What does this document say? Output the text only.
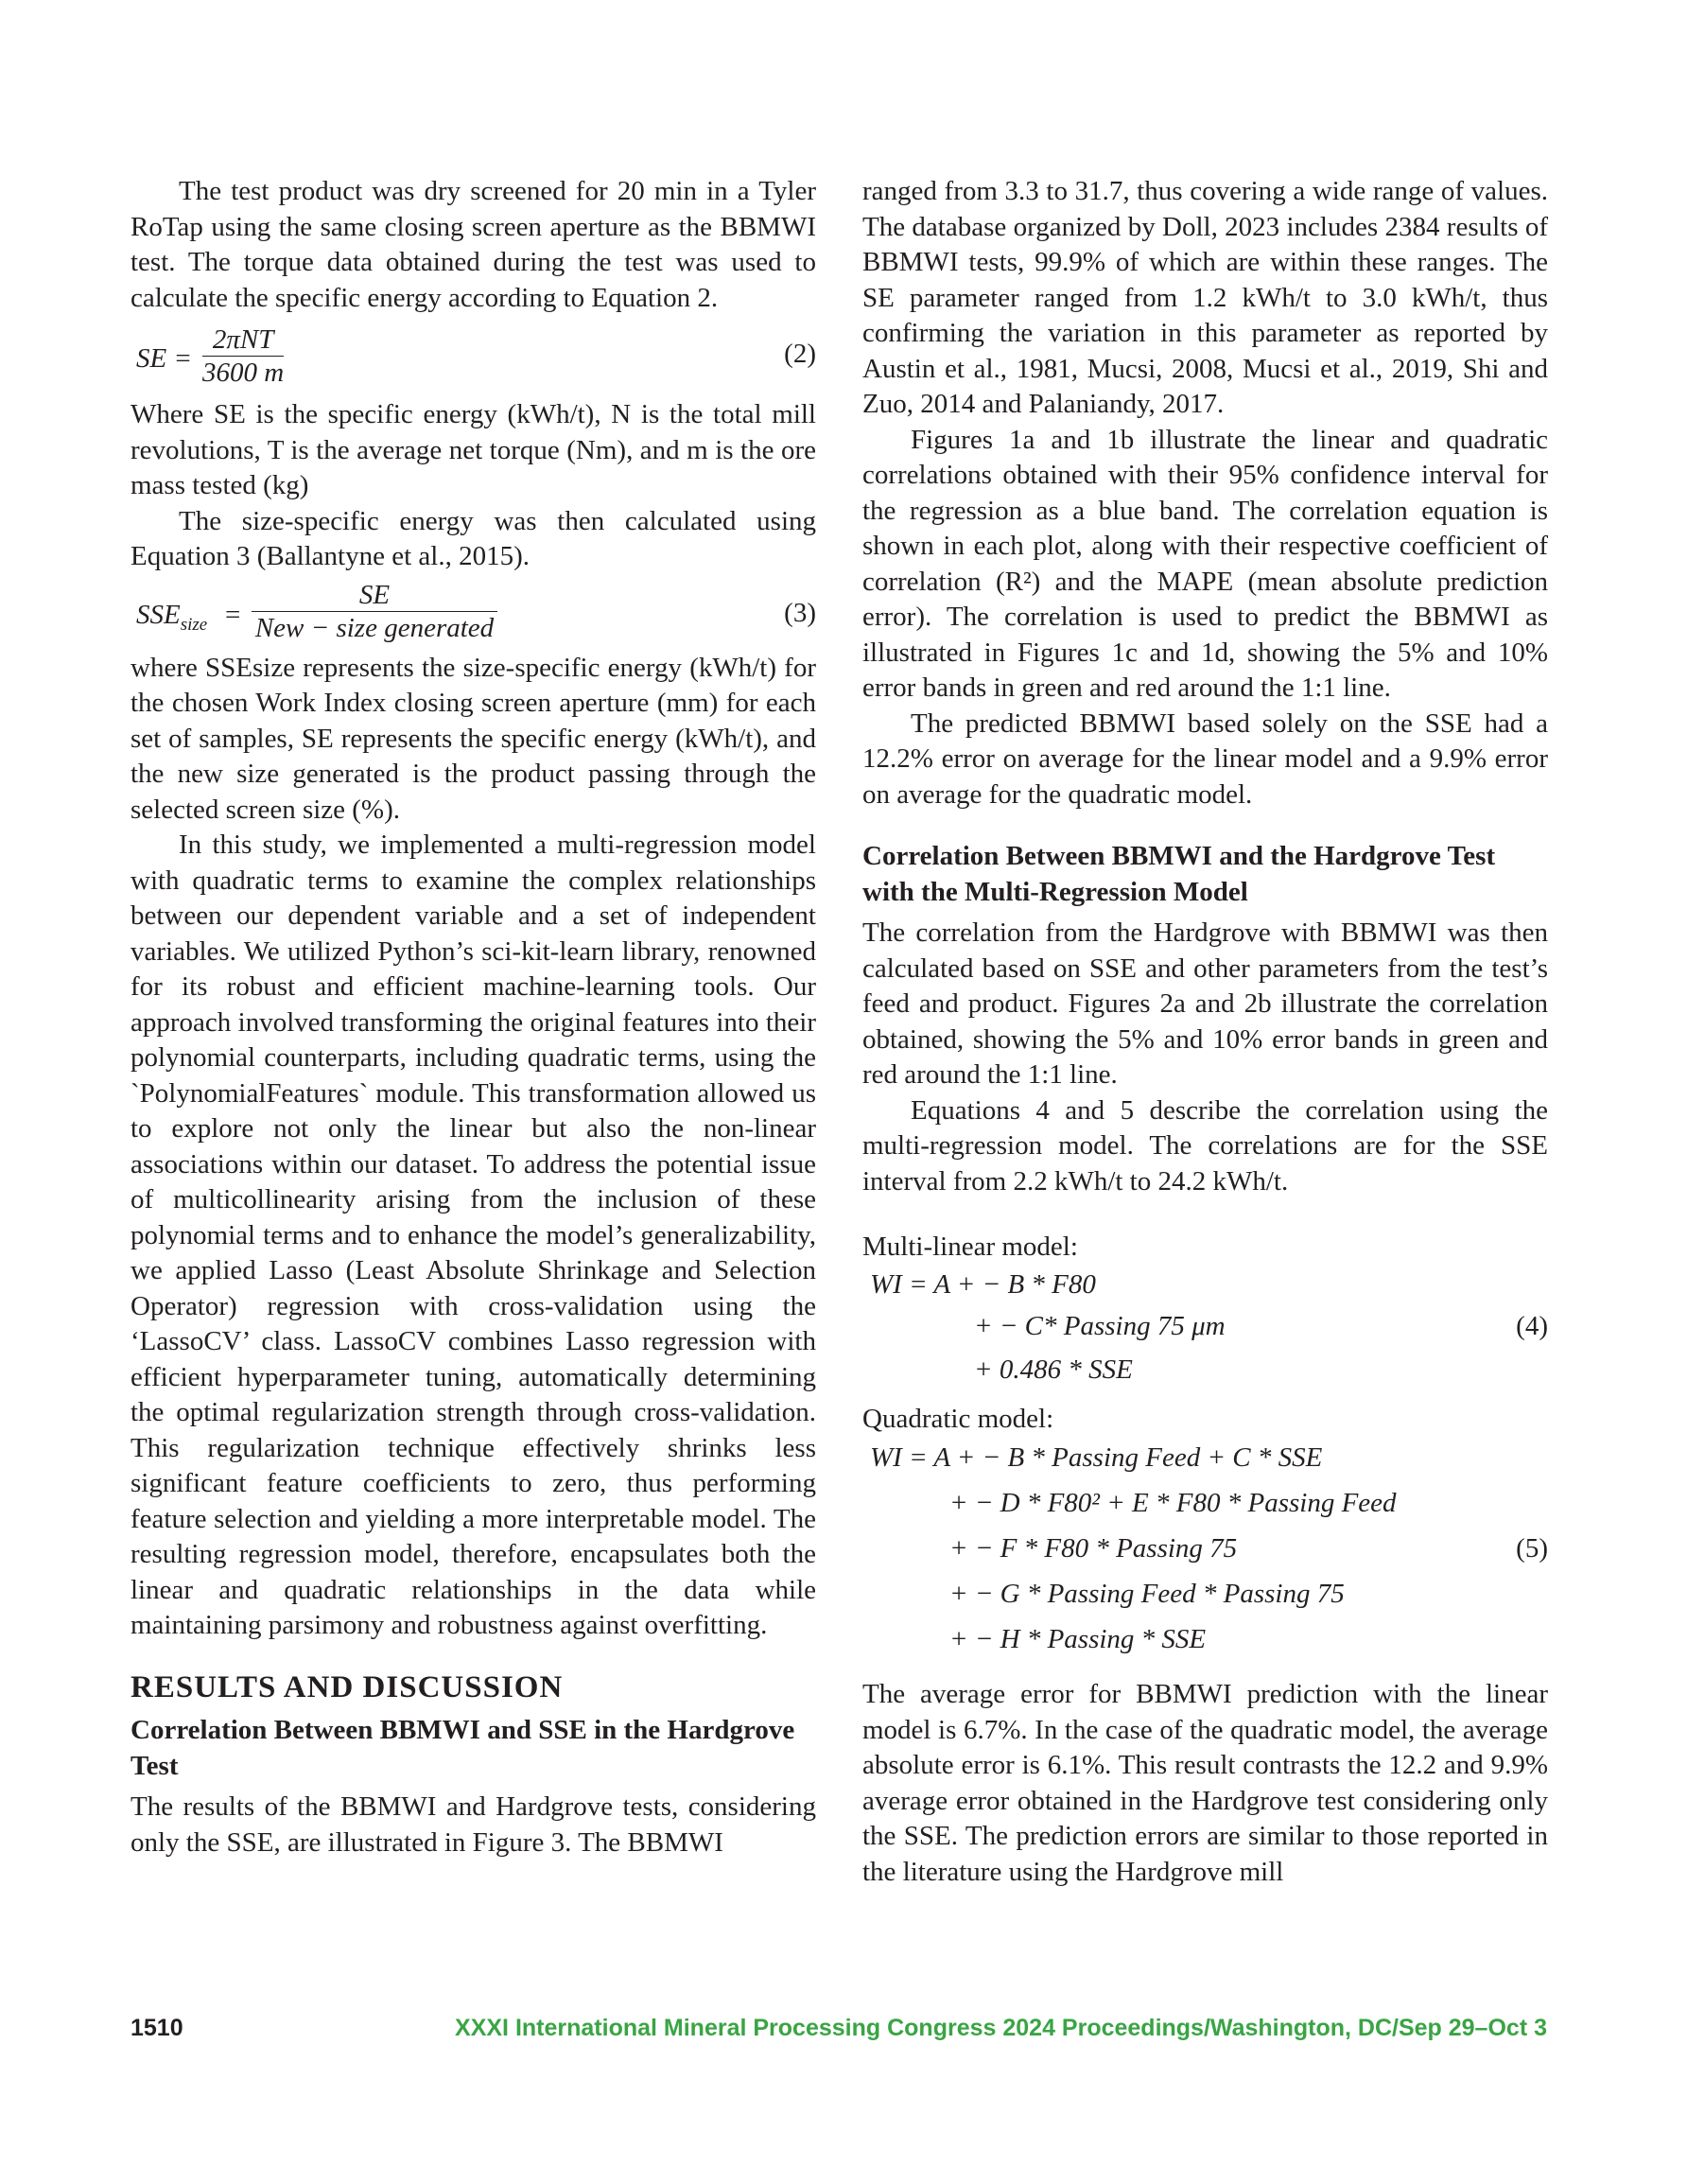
The test product was dry screened for 20 min in a Tyler RoTap using the same closing screen aperture as the BBMWI test. The torque data obtained during the test was used to calculate the specific energy according to Equation 2.

SE =
2πNT
3600 m
(2)

Where SE is the specific energy (kWh/t), N is the total mill revolutions, T is the average net torque (Nm), and m is the ore mass tested (kg)

The size-specific energy was then calculated using Equation 3 (Ballantyne et al., 2015).

$SSE_{size}$ =
SE
New − size generated	(3)

where SSEsize represents the size-specific energy (kWh/t) for the chosen Work Index closing screen aperture (mm) for each set of samples, SE represents the specific energy (kWh/t), and the new size generated is the product passing through the selected screen size (%).

In this study, we implemented a multi-regression model with quadratic terms to examine the complex relationships between our dependent variable and a set of independent variables. We utilized Python’s sci-kit-learn library, renowned for its robust and efficient machine-learning tools. Our approach involved transforming the original features into their polynomial counterparts, including quadratic terms, using the `PolynomialFeatures` module. This transformation allowed us to explore not only the linear but also the non-linear associations within our dataset. To address the potential issue of multicollinearity arising from the inclusion of these polynomial terms and to enhance the model’s generalizability, we applied Lasso (Least Absolute Shrinkage and Selection Operator) regression with cross-validation using the ‘LassoCV’ class. LassoCV combines Lasso regression with efficient hyperparameter tuning, automatically determining the optimal regularization strength through cross-validation. This regularization technique effectively shrinks less significant feature coefficients to zero, thus performing feature selection and yielding a more interpretable model. The resulting regression model, therefore, encapsulates both the linear and quadratic relationships in the data while maintaining parsimony and robustness against overfitting.

RESULTS AND DISCUSSION
Correlation Between BBMWI and SSE in the Hardgrove Test

The results of the BBMWI and Hardgrove tests, considering only the SSE, are illustrated in Figure 3. The BBMWI

ranged from 3.3 to 31.7, thus covering a wide range of values. The database organized by Doll, 2023 includes 2384 results of BBMWI tests, 99.9% of which are within these ranges. The SE parameter ranged from 1.2 kWh/t to 3.0 kWh/t, thus confirming the variation in this parameter as reported by Austin et al., 1981, Mucsi, 2008, Mucsi et al., 2019, Shi and Zuo, 2014 and Palaniandy, 2017.

Figures 1a and 1b illustrate the linear and quadratic correlations obtained with their 95% confidence interval for the regression as a blue band. The correlation equation is shown in each plot, along with their respective coefficient of correlation (R²) and the MAPE (mean absolute prediction error). The correlation is used to predict the BBMWI as illustrated in Figures 1c and 1d, showing the 5% and 10% error bands in green and red around the 1:1 line.

The predicted BBMWI based solely on the SSE had a 12.2% error on average for the linear model and a 9.9% error on average for the quadratic model.

Correlation Between BBMWI and the Hardgrove Test with the Multi-Regression Model

The correlation from the Hardgrove with BBMWI was then calculated based on SSE and other parameters from the test’s feed and product. Figures 2a and 2b illustrate the correlation obtained, showing the 5% and 10% error bands in green and red around the 1:1 line.

Equations 4 and 5 describe the correlation using the multi-regression model. The correlations are for the SSE interval from 2.2 kWh/t to 24.2 kWh/t.

Multi-linear model:

WI = A + − B * F80
+ − C* Passing 75 μm
+ 0.486 * SSE
(4)

Quadratic model:

WI = A + − B * Passing Feed + C * SSE
+ − D * F80² + E * F80 * Passing Feed
+ − F * F80 * Passing 75
+ − G * Passing Feed * Passing 75
+ − H * Passing * SSE
(5)

The average error for BBMWI prediction with the linear model is 6.7%. In the case of the quadratic model, the average absolute error is 6.1%. This result contrasts the 12.2 and 9.9% average error obtained in the Hardgrove test considering only the SSE. The prediction errors are similar to those reported in the literature using the Hardgrove mill

1510	XXXI International Mineral Processing Congress 2024 Proceedings/Washington, DC/Sep 29–Oct 3
